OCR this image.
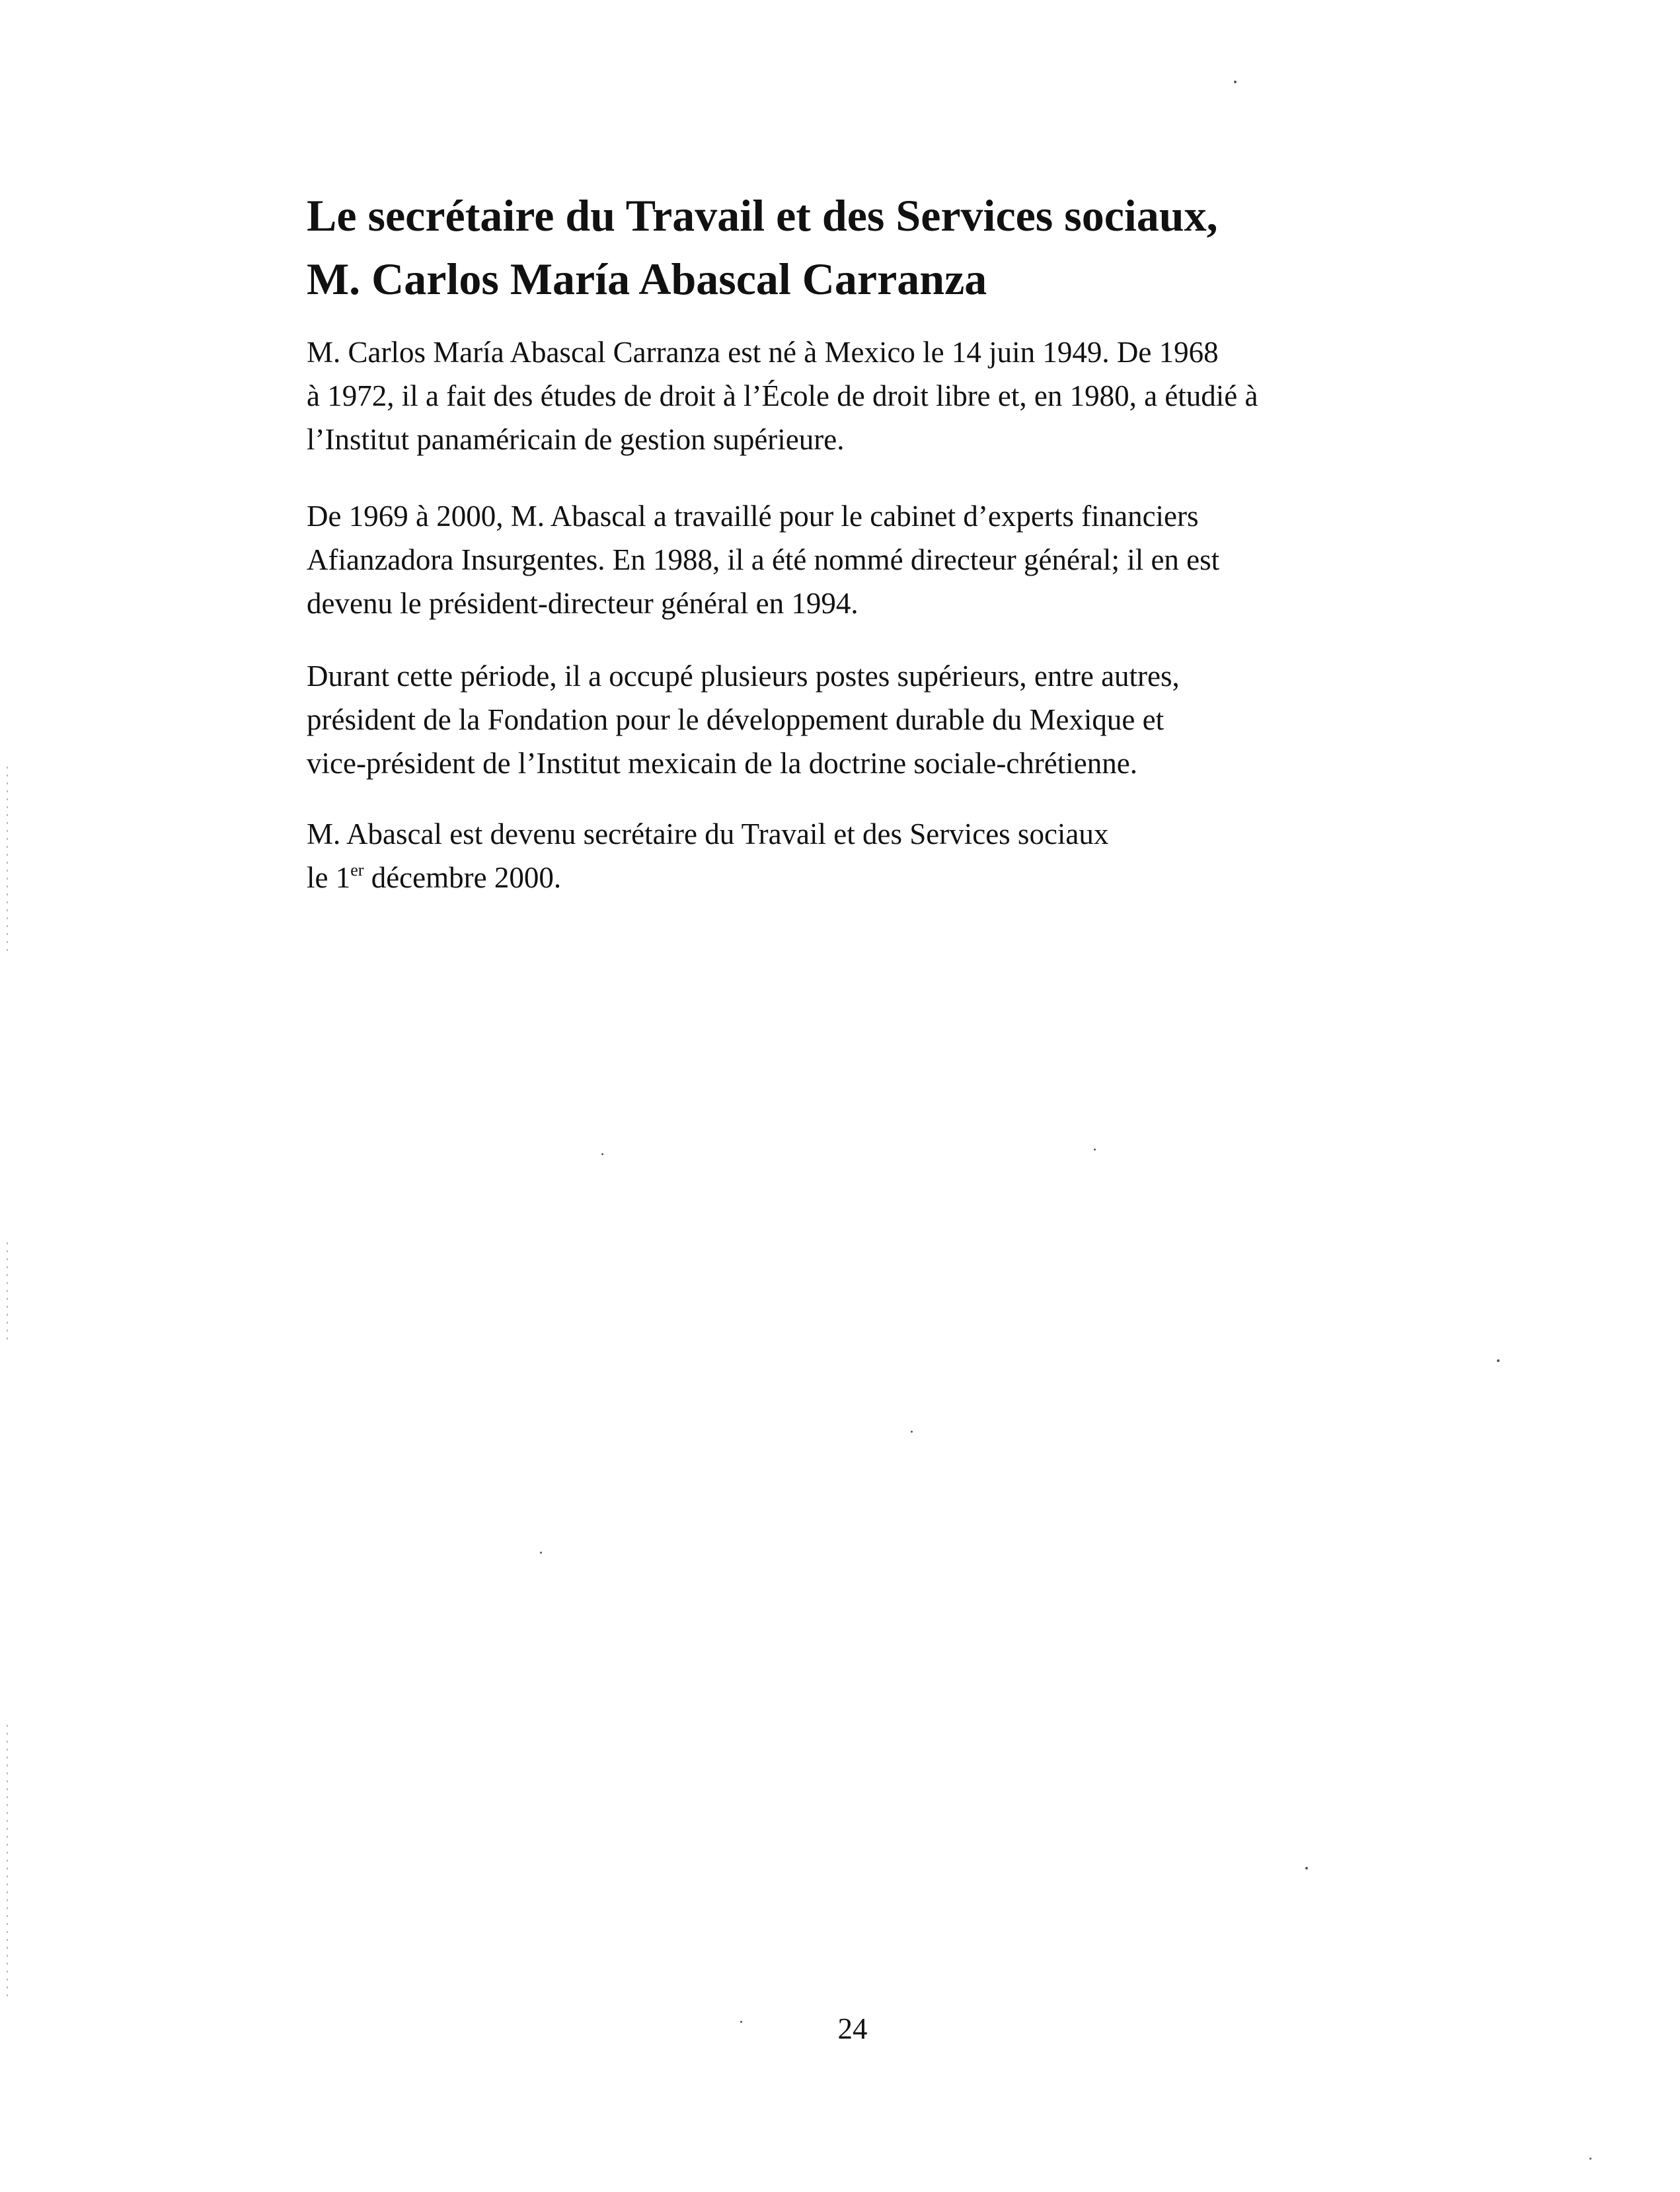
Le secrétaire du Travail et des Services sociaux,
M. Carlos María Abascal Carranza

M. Carlos María Abascal Carranza est né à Mexico le 14 juin 1949. De 1968
à 1972, il a fait des études de droit à l’École de droit libre et, en 1980, a étudié à
l’Institut panaméricain de gestion supérieure.

De 1969 à 2000, M. Abascal a travaillé pour le cabinet d’experts financiers
Afianzadora Insurgentes. En 1988, il a été nommé directeur général; il en est
devenu le président-directeur général en 1994.

Durant cette période, il a occupé plusieurs postes supérieurs, entre autres,
président de la Fondation pour le développement durable du Mexique et
vice-président de l’Institut mexicain de la doctrine sociale-chrétienne.

M. Abascal est devenu secrétaire du Travail et des Services sociaux
le 1er décembre 2000.

24
